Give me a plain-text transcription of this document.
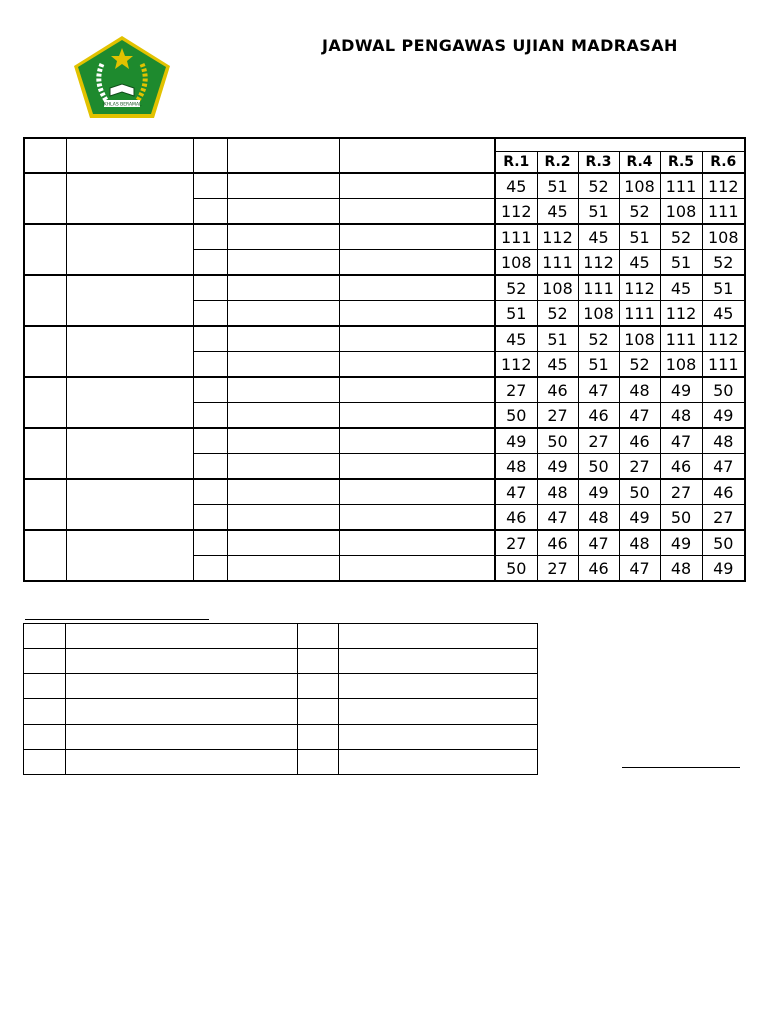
IKHLAS BERAMAL
JADWAL PENGAWAS UJIAN MADRASAH

					R.1	R.2	R.3	R.4	R.5	R.6
					45	51	52	108	111	112
					112	45	51	52	108	111
					111	112	45	51	52	108
					108	111	112	45	51	52
					52	108	111	112	45	51
					51	52	108	111	112	45
					45	51	52	108	111	112
					112	45	51	52	108	111
					27	46	47	48	49	50
					50	27	46	47	48	49
					49	50	27	46	47	48
					48	49	50	27	46	47
					47	48	49	50	27	46
					46	47	48	49	50	27
					27	46	47	48	49	50
					50	27	46	47	48	49
